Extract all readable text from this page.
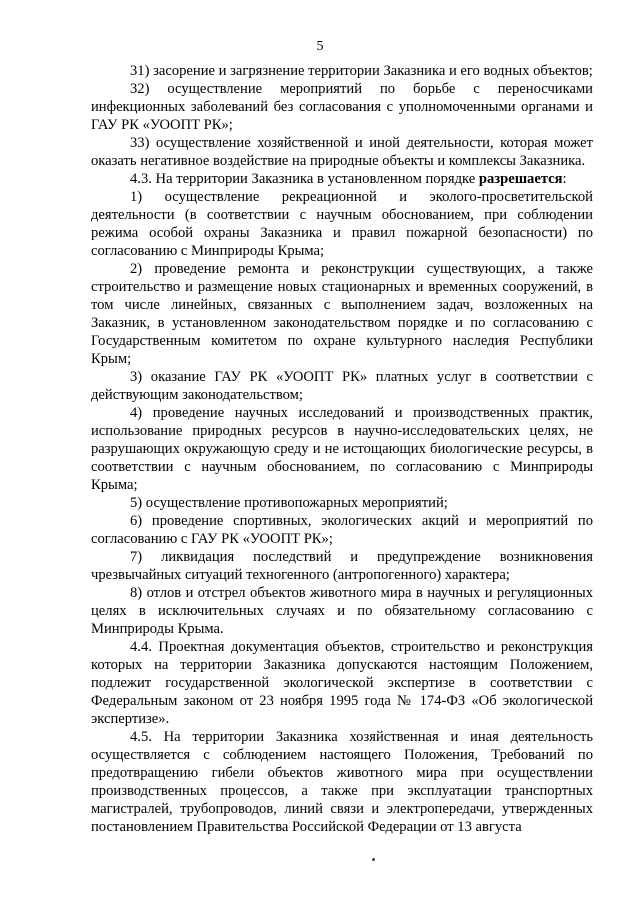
5

31) засорение и загрязнение территории Заказника и его водных объектов;

32) осуществление мероприятий по борьбе с переносчиками инфекционных заболеваний без согласования с уполномоченными органами и ГАУ РК «УООПТ РК»;

33) осуществление хозяйственной и иной деятельности, которая может оказать негативное воздействие на природные объекты и комплексы Заказника.

4.3. На территории Заказника в установленном порядке разрешается:

1) осуществление рекреационной и эколого-просветительской деятельности (в соответствии с научным обоснованием, при соблюдении режима особой охраны Заказника и правил пожарной безопасности) по согласованию с Минприроды Крыма;

2) проведение ремонта и реконструкции существующих, а также строительство и размещение новых стационарных и временных сооружений, в том числе линейных, связанных с выполнением задач, возложенных на Заказник, в установленном законодательством порядке и по согласованию с Государственным комитетом по охране культурного наследия Республики Крым;

3) оказание ГАУ РК «УООПТ РК» платных услуг в соответствии с действующим законодательством;

4) проведение научных исследований и производственных практик, использование природных ресурсов в научно-исследовательских целях, не разрушающих окружающую среду и не истощающих биологические ресурсы, в соответствии с научным обоснованием, по согласованию с Минприроды Крыма;

5) осуществление противопожарных мероприятий;

6) проведение спортивных, экологических акций и мероприятий по согласованию с ГАУ РК «УООПТ РК»;

7) ликвидация последствий и предупреждение возникновения чрезвычайных ситуаций техногенного (антропогенного) характера;

8) отлов и отстрел объектов животного мира в научных и регуляционных целях в исключительных случаях и по обязательному согласованию с Минприроды Крыма.

4.4. Проектная документация объектов, строительство и реконструкция которых на территории Заказника допускаются настоящим Положением, подлежит государственной экологической экспертизе в соответствии с Федеральным законом от 23 ноября 1995 года № 174-ФЗ «Об экологической экспертизе».

4.5. На территории Заказника хозяйственная и иная деятельность осуществляется с соблюдением настоящего Положения, Требований по предотвращению гибели объектов животного мира при осуществлении производственных процессов, а также при эксплуатации транспортных магистралей, трубопроводов, линий связи и электропередачи, утвержденных постановлением Правительства Российской Федерации от 13 августа
